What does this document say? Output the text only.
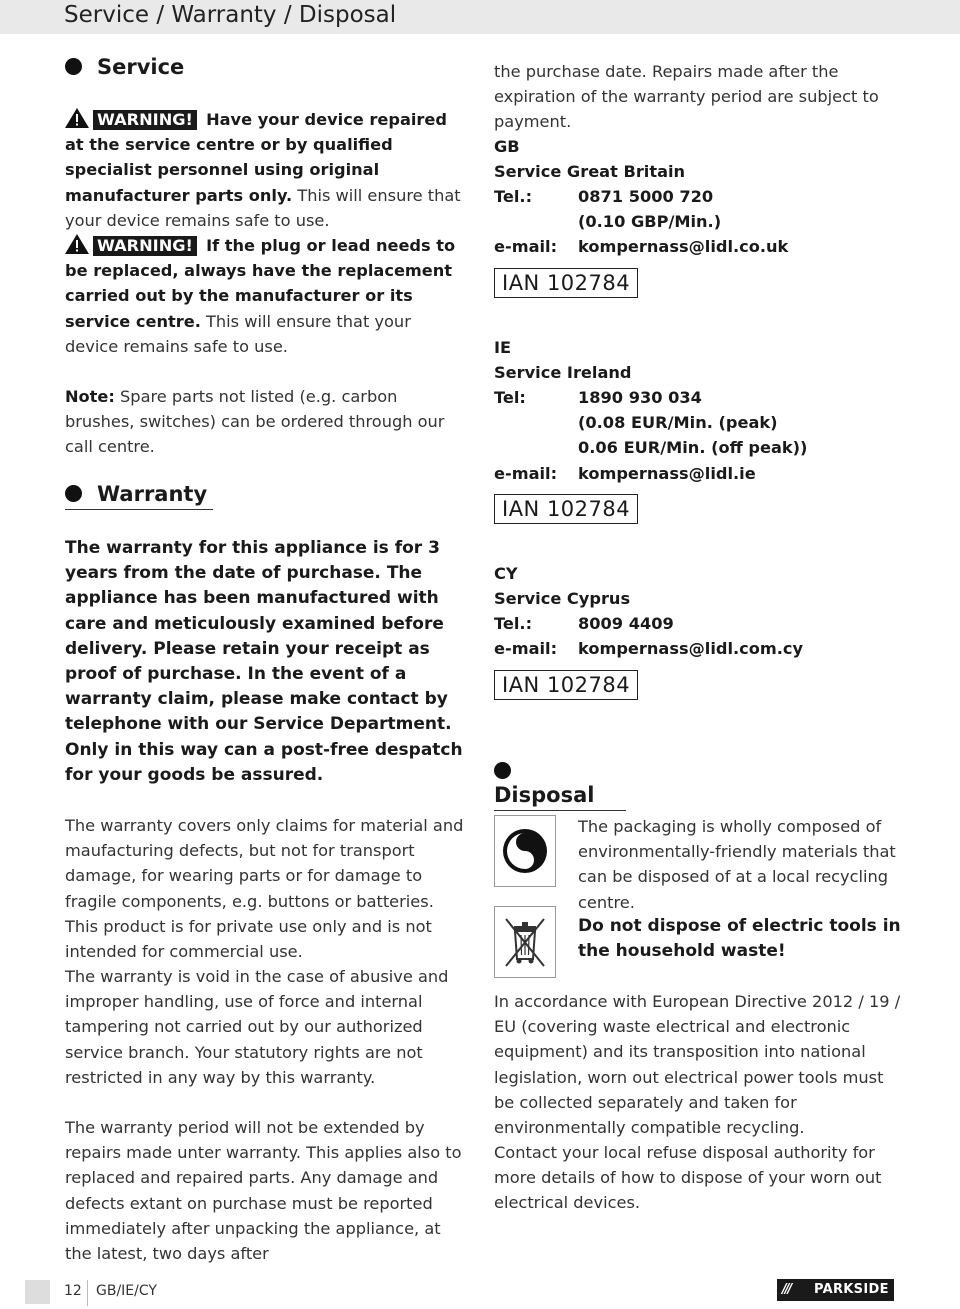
Service / Warranty / Disposal
Service
WARNING! Have your device repaired at the service centre or by qualified specialist personnel using original manufacturer parts only. This will ensure that your device remains safe to use.
WARNING! If the plug or lead needs to be replaced, always have the replacement carried out by the manufacturer or its service centre. This will ensure that your device remains safe to use.
Note: Spare parts not listed (e.g. carbon brushes, switches) can be ordered through our call centre.
Warranty
The warranty for this appliance is for 3 years from the date of purchase. The appliance has been manufactured with care and meticulously examined before delivery. Please retain your receipt as proof of purchase. In the event of a warranty claim, please make contact by telephone with our Service Department. Only in this way can a post-free despatch for your goods be assured.
The warranty covers only claims for material and maufacturing defects, but not for transport damage, for wearing parts or for damage to fragile components, e.g. buttons or batteries. This product is for private use only and is not intended for commercial use.
The warranty is void in the case of abusive and improper handling, use of force and internal tampering not carried out by our authorized service branch. Your statutory rights are not restricted in any way by this warranty.
The warranty period will not be extended by repairs made unter warranty. This applies also to replaced and repaired parts. Any damage and defects extant on purchase must be reported immediately after unpacking the appliance, at the latest, two days after
the purchase date. Repairs made after the expiration of the warranty period are subject to payment.
GB
Service Great Britain
Tel.:	0871 5000 720
	(0.10 GBP/Min.)
e-mail:	kompernass@lidl.co.uk
IAN 102784
IE
Service Ireland
Tel:	1890 930 034
	(0.08 EUR/Min. (peak)
	0.06 EUR/Min. (off peak))
e-mail:	kompernass@lidl.ie
IAN 102784
CY
Service Cyprus
Tel.:	8009 4409
e-mail:	kompernass@lidl.com.cy
IAN 102784
Disposal
The packaging is wholly composed of environmentally-friendly materials that can be disposed of at a local recycling centre.
Do not dispose of electric tools in the household waste!
In accordance with European Directive 2012 / 19 / EU (covering waste electrical and electronic equipment) and its transposition into national legislation, worn out electrical power tools must be collected separately and taken for environmentally compatible recycling.
Contact your local refuse disposal authority for more details of how to dispose of your worn out electrical devices.
12 GB/IE/CY	/// PARKSIDE
